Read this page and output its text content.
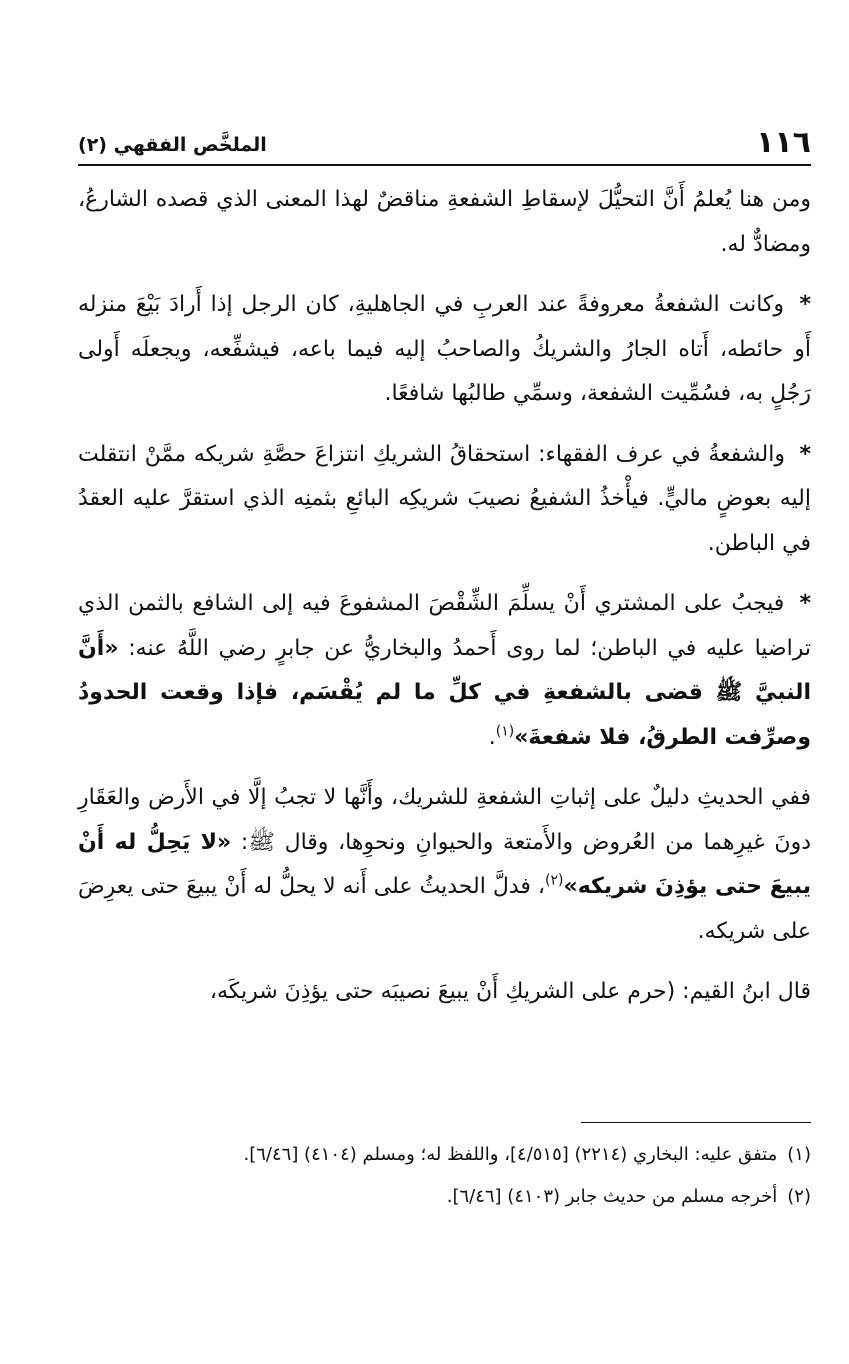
١١٦
الملخَّص الفقهي (٢)

ومن هنا يُعلمُ أَنَّ التحيُّلَ لإسقاطِ الشفعةِ مناقضٌ لهذا المعنى الذي قصده الشارعُ، ومضادٌّ له.

* وكانت الشفعةُ معروفةً عند العربِ في الجاهليةِ، كان الرجل إذا أَرادَ بَيْعَ منزله أَو حائطه، أَتاه الجارُ والشريكُ والصاحبُ إليه فيما باعه، فيشفِّعه، ويجعلَه أَولى رَجُلٍ به، فسُمِّيت الشفعة، وسمِّي طالبُها شافعًا.

* والشفعةُ في عرف الفقهاء: استحقاقُ الشريكِ انتزاعَ حصَّةِ شريكه ممَّنْ انتقلت إليه بعوضٍ ماليٍّ. فيأْخذُ الشفيعُ نصيبَ شريكِه البائعِ بثمنِه الذي استقرَّ عليه العقدُ في الباطن.

* فيجبُ على المشتري أَنْ يسلِّمَ الشِّقْصَ المشفوعَ فيه إلى الشافع بالثمن الذي تراضيا عليه في الباطن؛ لما روى أَحمدُ والبخاريُّ عن جابرٍ رضي اللَّهُ عنه: «أَنَّ النبيَّ ﷺ قضى بالشفعةِ في كلِّ ما لم يُقْسَم، فإذا وقعت الحدودُ وصرِّفت الطرقُ، فلا شفعةَ»$^{(١)}$.

ففي الحديثِ دليلٌ على إثباتِ الشفعةِ للشريك، وأَنَّها لا تجبُ إلَّا في الأَرض والعَقَارِ دونَ غيرِهما من العُروض والأَمتعة والحيوانِ ونحوِها، وقال ﷺ: «لا يَحِلُّ له أَنْ يبيعَ حتى يؤذِنَ شريكه»$^{(٢)}$، فدلَّ الحديثُ على أَنه لا يحلُّ له أَنْ يبيعَ حتى يعرِضَ على شريكه.

قال ابنُ القيم: (حرم على الشريكِ أَنْ يبيعَ نصيبَه حتى يؤذِنَ شريكَه،

(١)متفق عليه: البخاري (٢٢١٤) [٤/٥١٥]، واللفظ له؛ ومسلم (٤١٠٤) [٦/٤٦].

(٢)أخرجه مسلم من حديث جابر (٤١٠٣) [٦/٤٦].
